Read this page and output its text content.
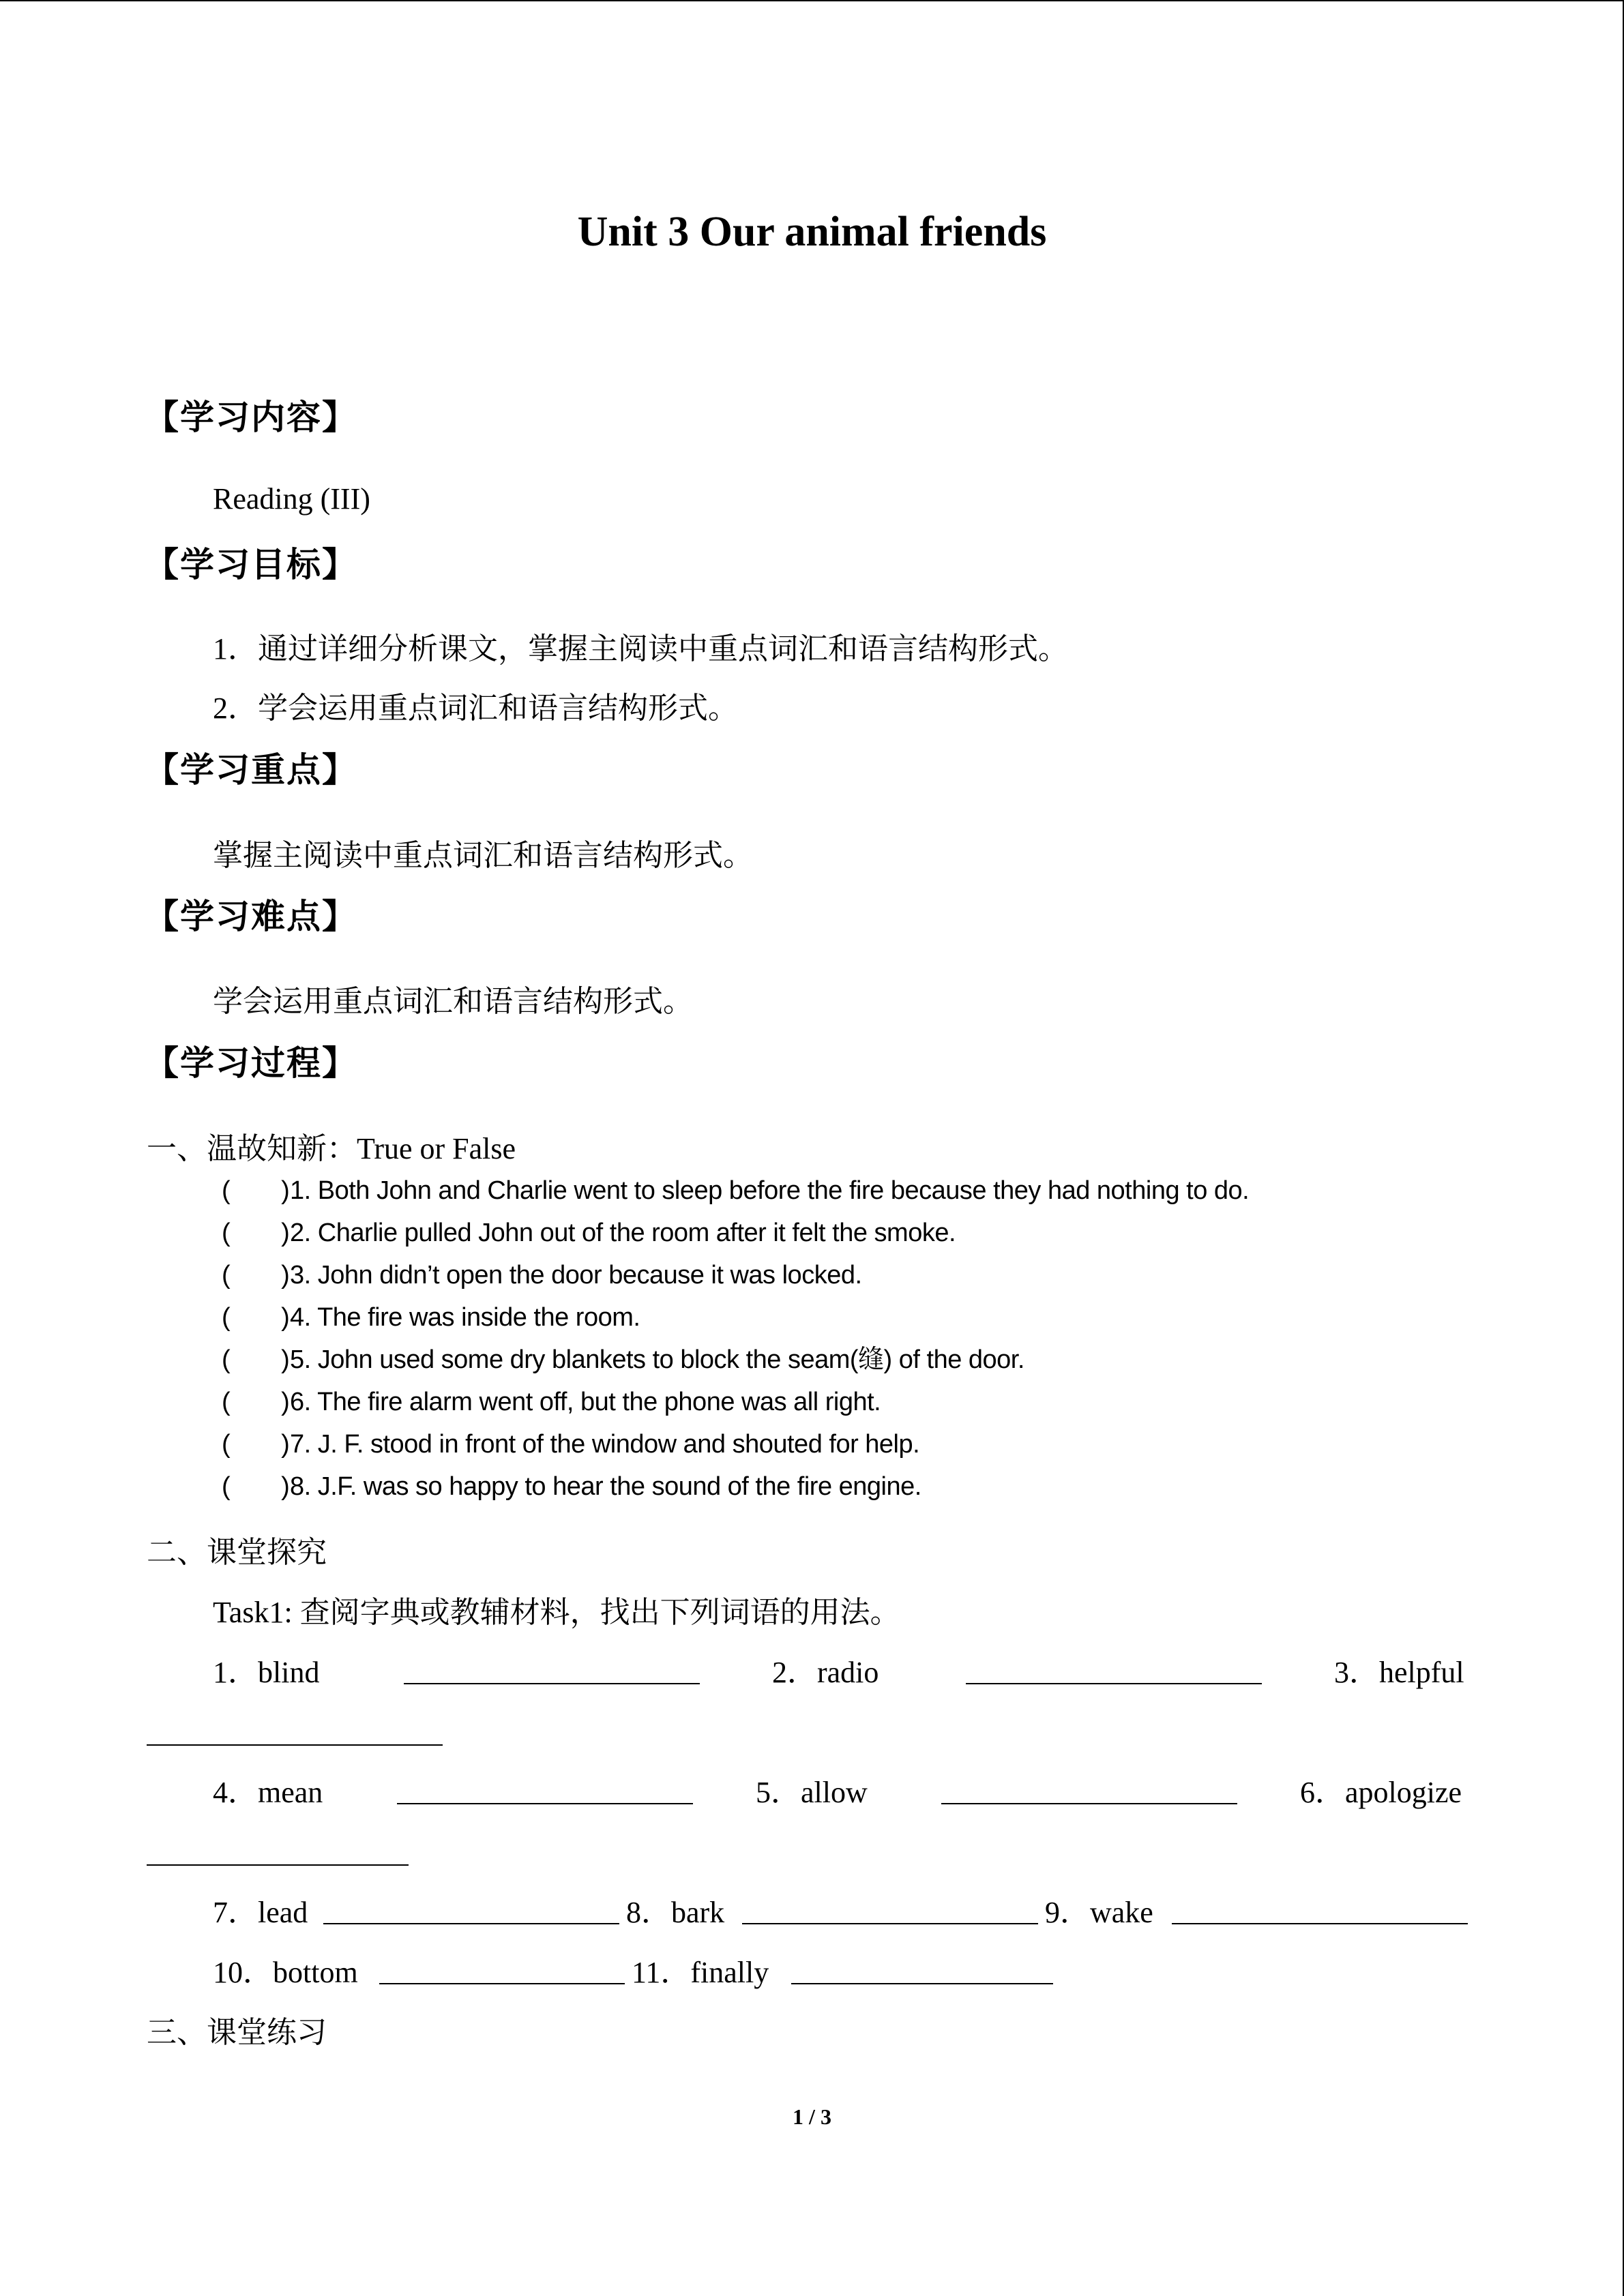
Unit 3 Our animal friends
【学习内容】
Reading (III)
【学习目标】
1．通过详细分析课文，掌握主阅读中重点词汇和语言结构形式。
2．学会运用重点词汇和语言结构形式。
【学习重点】
掌握主阅读中重点词汇和语言结构形式。
【学习难点】
学会运用重点词汇和语言结构形式。
【学习过程】
一、温故知新：True or False
(　　)1. Both John and Charlie went to sleep before the fire because they had nothing to do.
(　　)2. Charlie pulled John out of the room after it felt the smoke.
(　　)3. John didn’t open the door because it was locked.
(　　)4. The fire was inside the room.
(　　)5. John used some dry blankets to block the seam(缝) of the door.
(　　)6. The fire alarm went off, but the phone was all right.
(　　)7. J. F. stood in front of the window and shouted for help.
(　　)8. J.F. was so happy to hear the sound of the fire engine.
二、课堂探究
Task1: 查阅字典或教辅材料，找出下列词语的用法。
1．blind	2．radio	3．helpful
4．mean	5．allow	6．apologize
7．lead	8．bark	9．wake
10．bottom	11．finally
三、课堂练习
1 / 3
